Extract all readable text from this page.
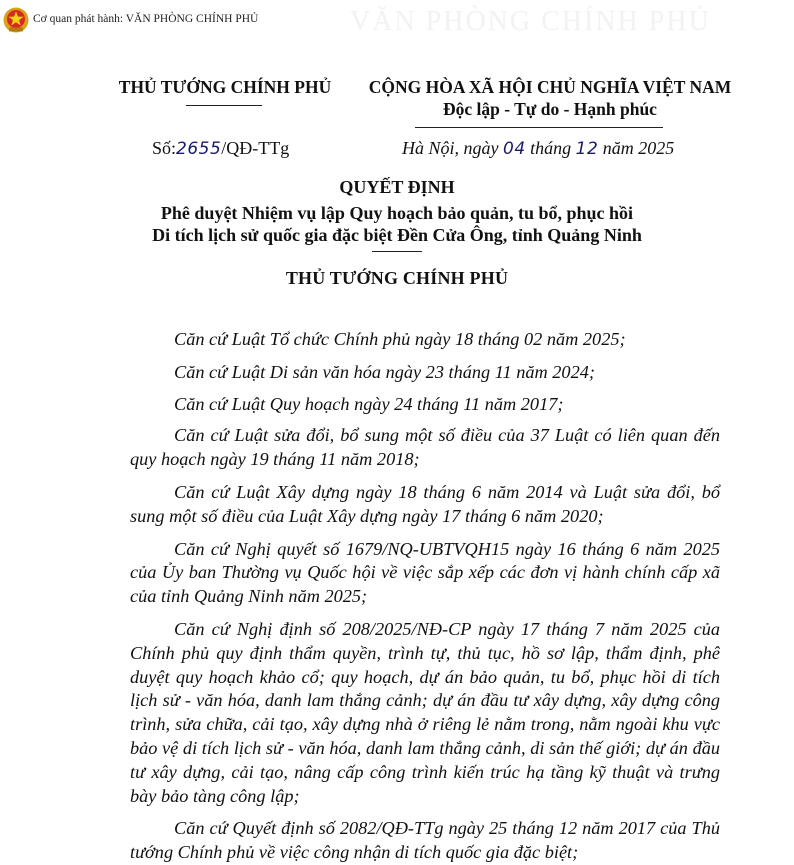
Cơ quan phát hành: VĂN PHÒNG CHÍNH PHỦ	VĂN PHÒNG CHÍNH PHỦ
THỦ TƯỚNG CHÍNH PHỦ	CỘNG HÒA XÃ HỘI CHỦ NGHĨA VIỆT NAM
Độc lập - Tự do - Hạnh phúc
Số:2655/QĐ-TTg	Hà Nội, ngày 04 tháng 12 năm 2025
QUYẾT ĐỊNH
Phê duyệt Nhiệm vụ lập Quy hoạch bảo quản, tu bổ, phục hồi
Di tích lịch sử quốc gia đặc biệt Đền Cửa Ông, tỉnh Quảng Ninh
THỦ TƯỚNG CHÍNH PHỦ

Căn cứ Luật Tổ chức Chính phủ ngày 18 tháng 02 năm 2025;

Căn cứ Luật Di sản văn hóa ngày 23 tháng 11 năm 2024;

Căn cứ Luật Quy hoạch ngày 24 tháng 11 năm 2017;

Căn cứ Luật sửa đổi, bổ sung một số điều của 37 Luật có liên quan đến quy hoạch ngày 19 tháng 11 năm 2018;

Căn cứ Luật Xây dựng ngày 18 tháng 6 năm 2014 và Luật sửa đổi, bổ sung một số điều của Luật Xây dựng ngày 17 tháng 6 năm 2020;

Căn cứ Nghị quyết số 1679/NQ-UBTVQH15 ngày 16 tháng 6 năm 2025 của Ủy ban Thường vụ Quốc hội về việc sắp xếp các đơn vị hành chính cấp xã của tỉnh Quảng Ninh năm 2025;

Căn cứ Nghị định số 208/2025/NĐ-CP ngày 17 tháng 7 năm 2025 của Chính phủ quy định thẩm quyền, trình tự, thủ tục, hồ sơ lập, thẩm định, phê duyệt quy hoạch khảo cổ; quy hoạch, dự án bảo quản, tu bổ, phục hồi di tích lịch sử - văn hóa, danh lam thắng cảnh; dự án đầu tư xây dựng, xây dựng công trình, sửa chữa, cải tạo, xây dựng nhà ở riêng lẻ nằm trong, nằm ngoài khu vực bảo vệ di tích lịch sử - văn hóa, danh lam thắng cảnh, di sản thế giới; dự án đầu tư xây dựng, cải tạo, nâng cấp công trình kiến trúc hạ tầng kỹ thuật và trưng bày bảo tàng công lập;

Căn cứ Quyết định số 2082/QĐ-TTg ngày 25 tháng 12 năm 2017 của Thủ tướng Chính phủ về việc công nhận di tích quốc gia đặc biệt;
